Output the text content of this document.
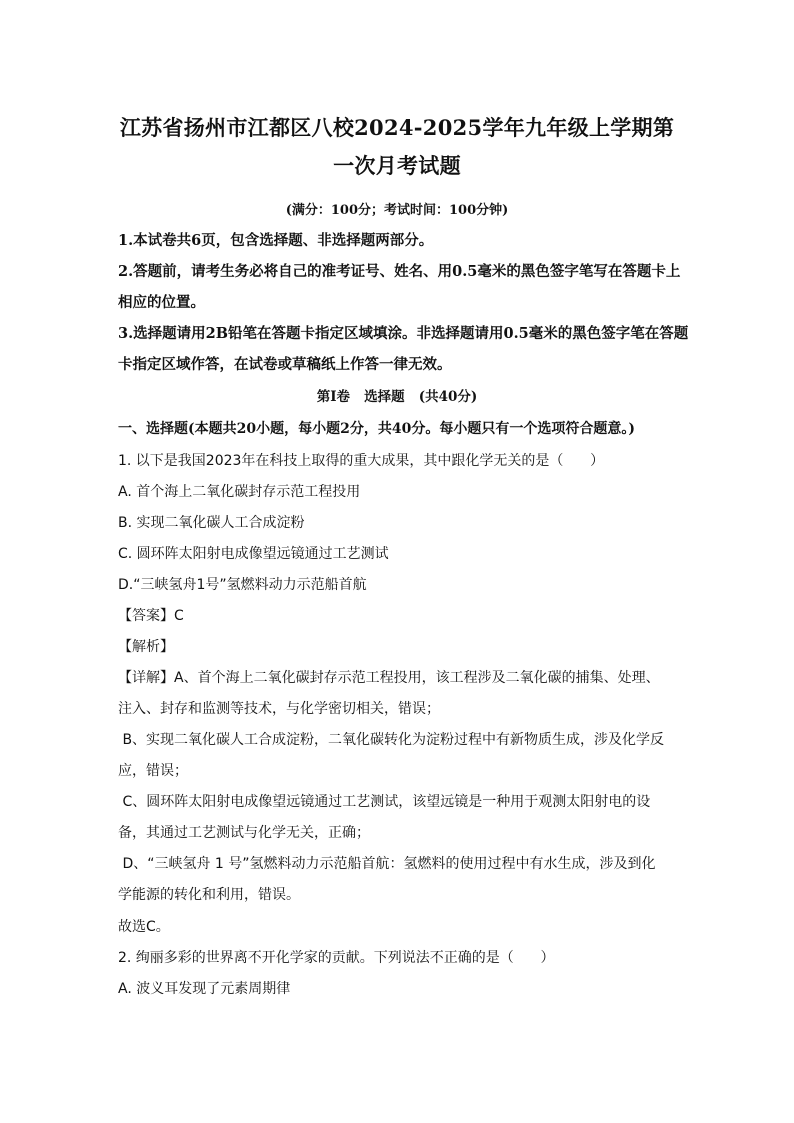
江苏省扬州市江都区八校2024-2025学年九年级上学期第
一次月考试题
(满分：100分；考试时间：100分钟)
1.本试卷共6页，包含选择题、非选择题两部分。
2.答题前，请考生务必将自己的准考证号、姓名、用0.5毫米的黑色签字笔写在答题卡上
相应的位置。
3.选择题请用2B铅笔在答题卡指定区域填涂。非选择题请用0.5毫米的黑色签字笔在答题
卡指定区域作答，在试卷或草稿纸上作答一律无效。
第Ⅰ卷   选择题   (共40分)
一、选择题(本题共20小题，每小题2分，共40分。每小题只有一个选项符合题意。)
1. 以下是我国2023年在科技上取得的重大成果，其中跟化学无关的是（      ）
A. 首个海上二氧化碳封存示范工程投用
B. 实现二氧化碳人工合成淀粉
C. 圆环阵太阳射电成像望远镜通过工艺测试
D.“三峡氢舟1号”氢燃料动力示范船首航
【答案】C
【解析】
【详解】A、首个海上二氧化碳封存示范工程投用，该工程涉及二氧化碳的捕集、处理、
注入、封存和监测等技术，与化学密切相关，错误；
B、实现二氧化碳人工合成淀粉，二氧化碳转化为淀粉过程中有新物质生成，涉及化学反
应，错误；
C、圆环阵太阳射电成像望远镜通过工艺测试，该望远镜是一种用于观测太阳射电的设
备，其通过工艺测试与化学无关，正确；
D、“三峡氢舟 1 号”氢燃料动力示范船首航：氢燃料的使用过程中有水生成，涉及到化
学能源的转化和利用，错误。
故选C。
2. 绚丽多彩的世界离不开化学家的贡献。下列说法不正确的是（      ）
A. 波义耳发现了元素周期律
